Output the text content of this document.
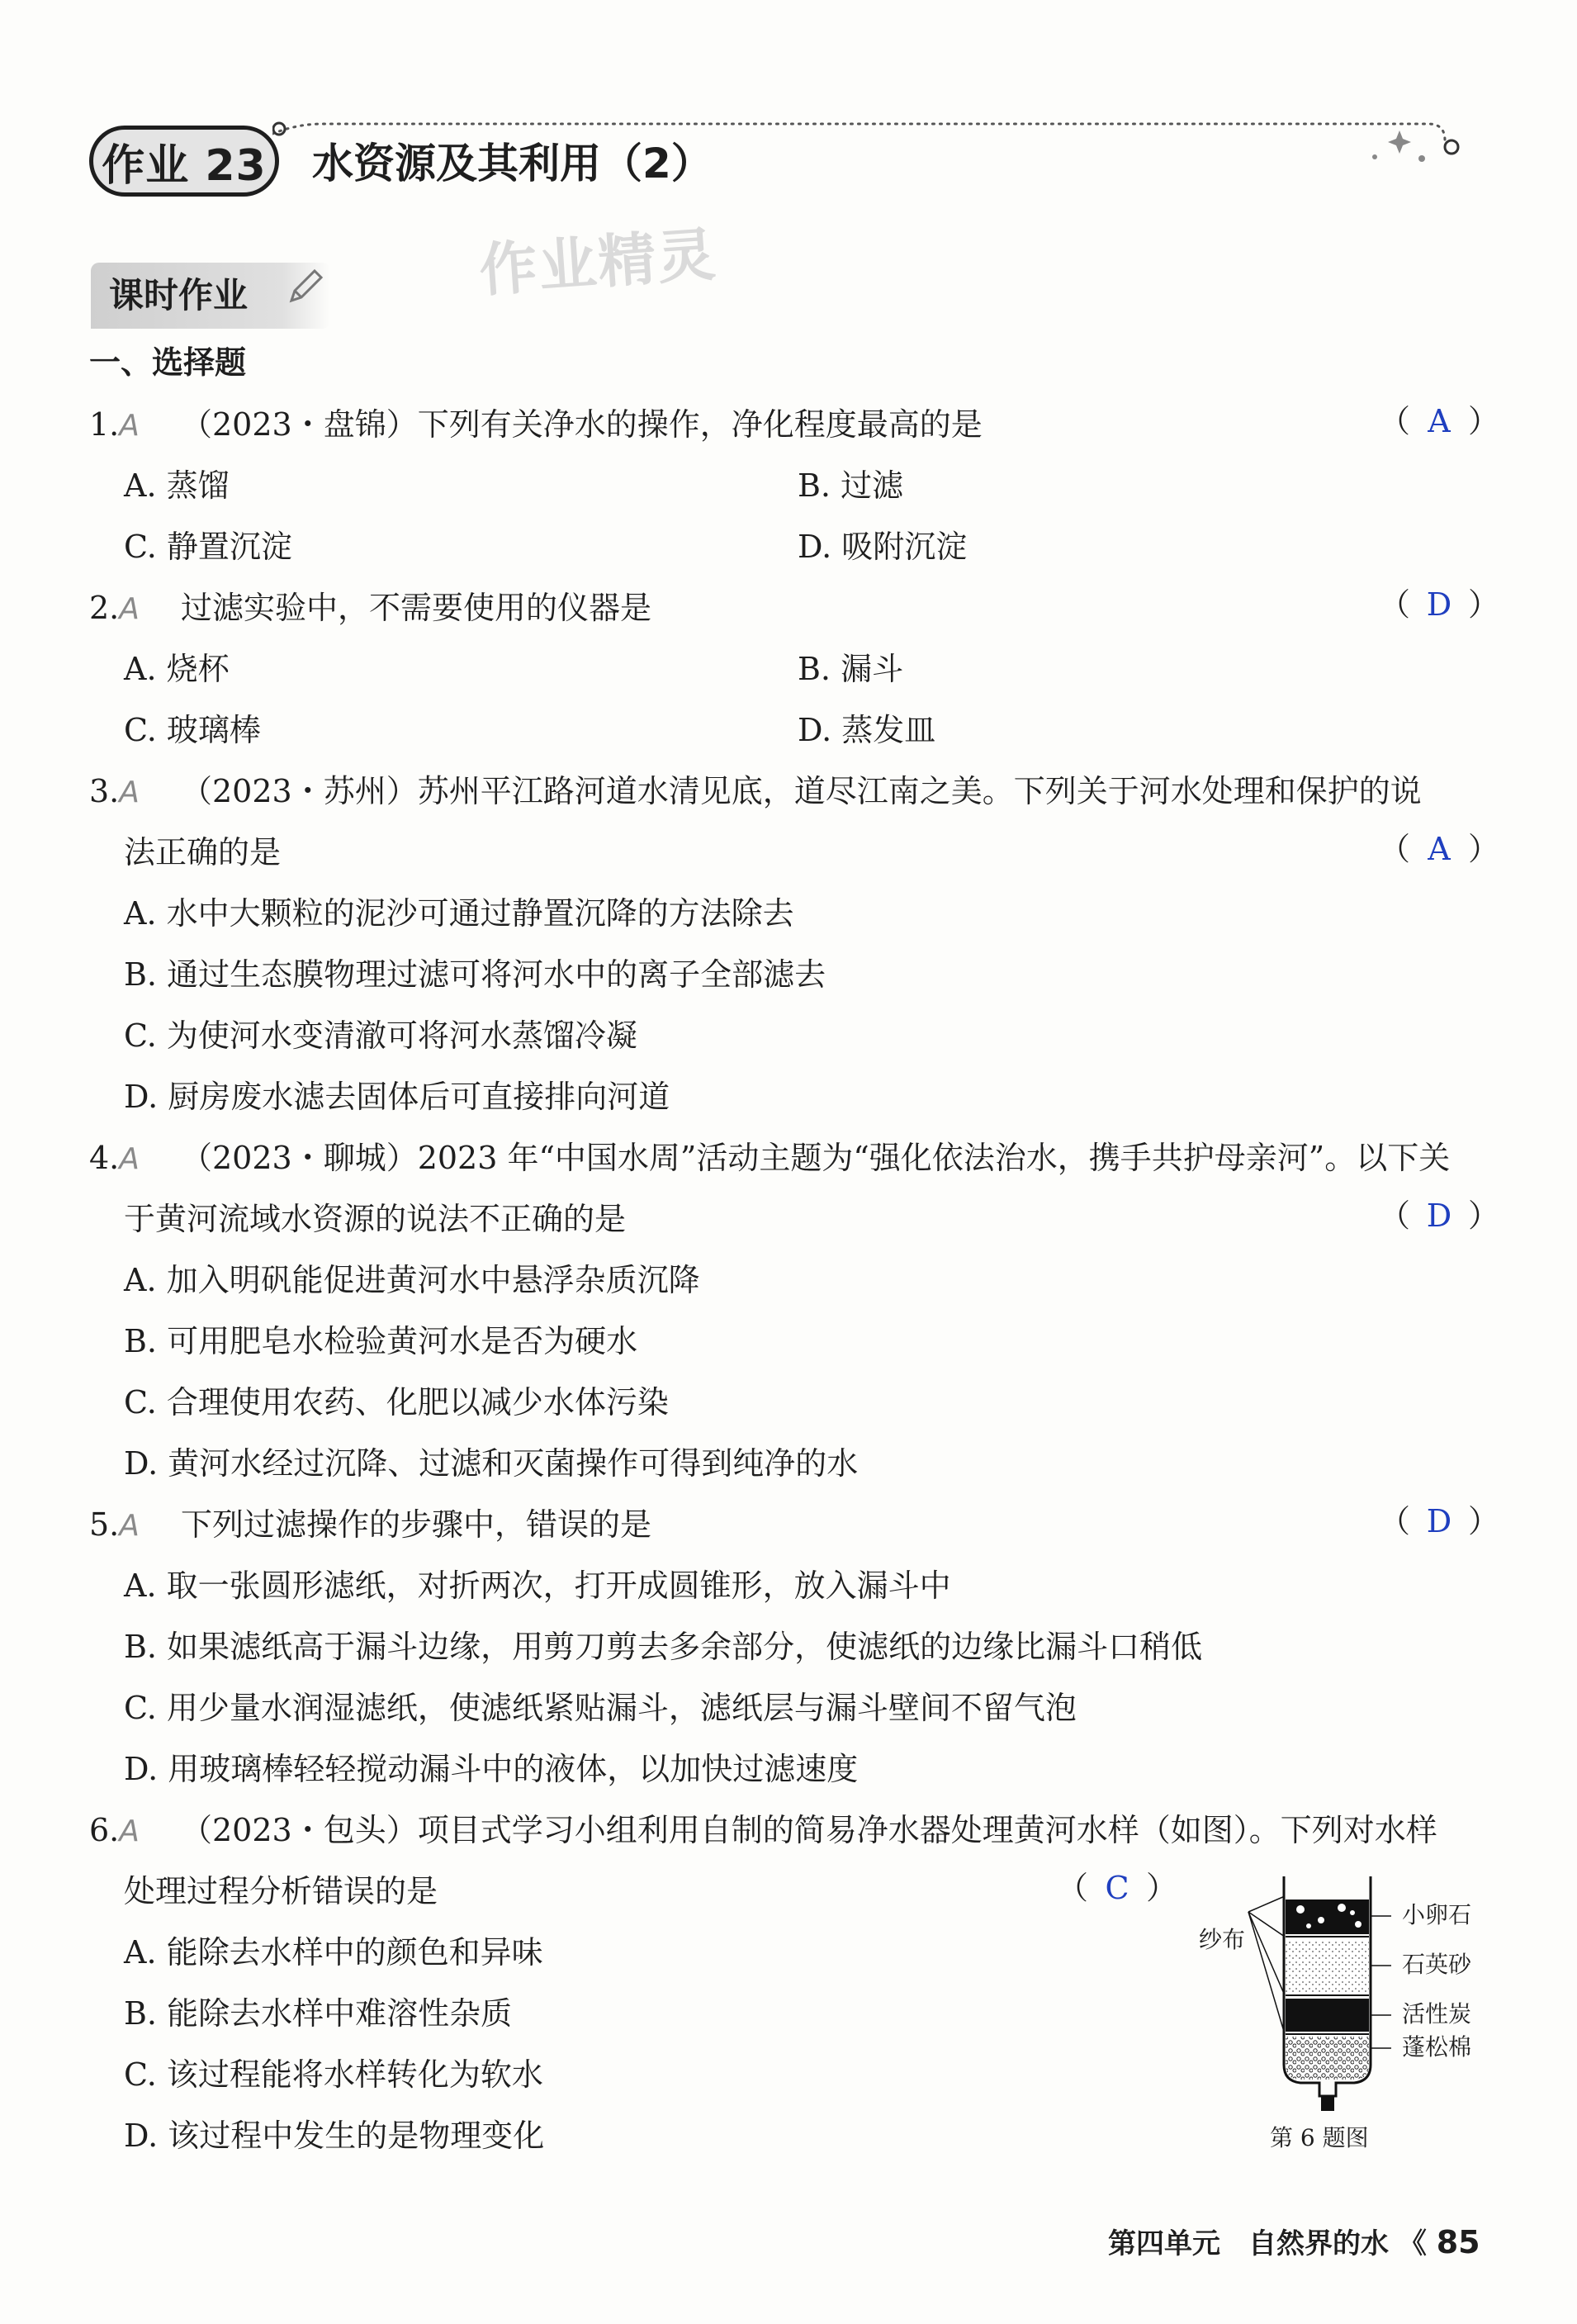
作业 23	水资源及其利用（2）
作业精灵
课时作业
一、选择题
1.A　 （2023・盘锦）下列有关净水的操作，净化程度最高的是	（ A ）
A. 蒸馏	B. 过滤
C. 静置沉淀	D. 吸附沉淀
2.A　 过滤实验中，不需要使用的仪器是	（ D ）
A. 烧杯	B. 漏斗
C. 玻璃棒	D. 蒸发皿
3.A　 （2023・苏州）苏州平江路河道水清见底，道尽江南之美。下列关于河水处理和保护的说
法正确的是	（ A ）
A. 水中大颗粒的泥沙可通过静置沉降的方法除去
B. 通过生态膜物理过滤可将河水中的离子全部滤去
C. 为使河水变清澈可将河水蒸馏冷凝
D. 厨房废水滤去固体后可直接排向河道
4.A　 （2023・聊城）2023 年“中国水周”活动主题为“强化依法治水，携手共护母亲河”。以下关
于黄河流域水资源的说法不正确的是	（ D ）
A. 加入明矾能促进黄河水中悬浮杂质沉降
B. 可用肥皂水检验黄河水是否为硬水
C. 合理使用农药、化肥以减少水体污染
D. 黄河水经过沉降、过滤和灭菌操作可得到纯净的水
5.A　 下列过滤操作的步骤中，错误的是	（ D ）
A. 取一张圆形滤纸，对折两次，打开成圆锥形，放入漏斗中
B. 如果滤纸高于漏斗边缘，用剪刀剪去多余部分，使滤纸的边缘比漏斗口稍低
C. 用少量水润湿滤纸，使滤纸紧贴漏斗，滤纸层与漏斗壁间不留气泡
D. 用玻璃棒轻轻搅动漏斗中的液体，以加快过滤速度
6.A　 （2023・包头）项目式学习小组利用自制的简易净水器处理黄河水样（如图）。下列对水样
处理过程分析错误的是	（ C ）
A. 能除去水样中的颜色和异味
B. 能除去水样中难溶性杂质
C. 该过程能将水样转化为软水
D. 该过程中发生的是物理变化
纱布
小卵石
石英砂
活性炭
蓬松棉
第 6 题图
第四单元　 自然界的水 《 85
